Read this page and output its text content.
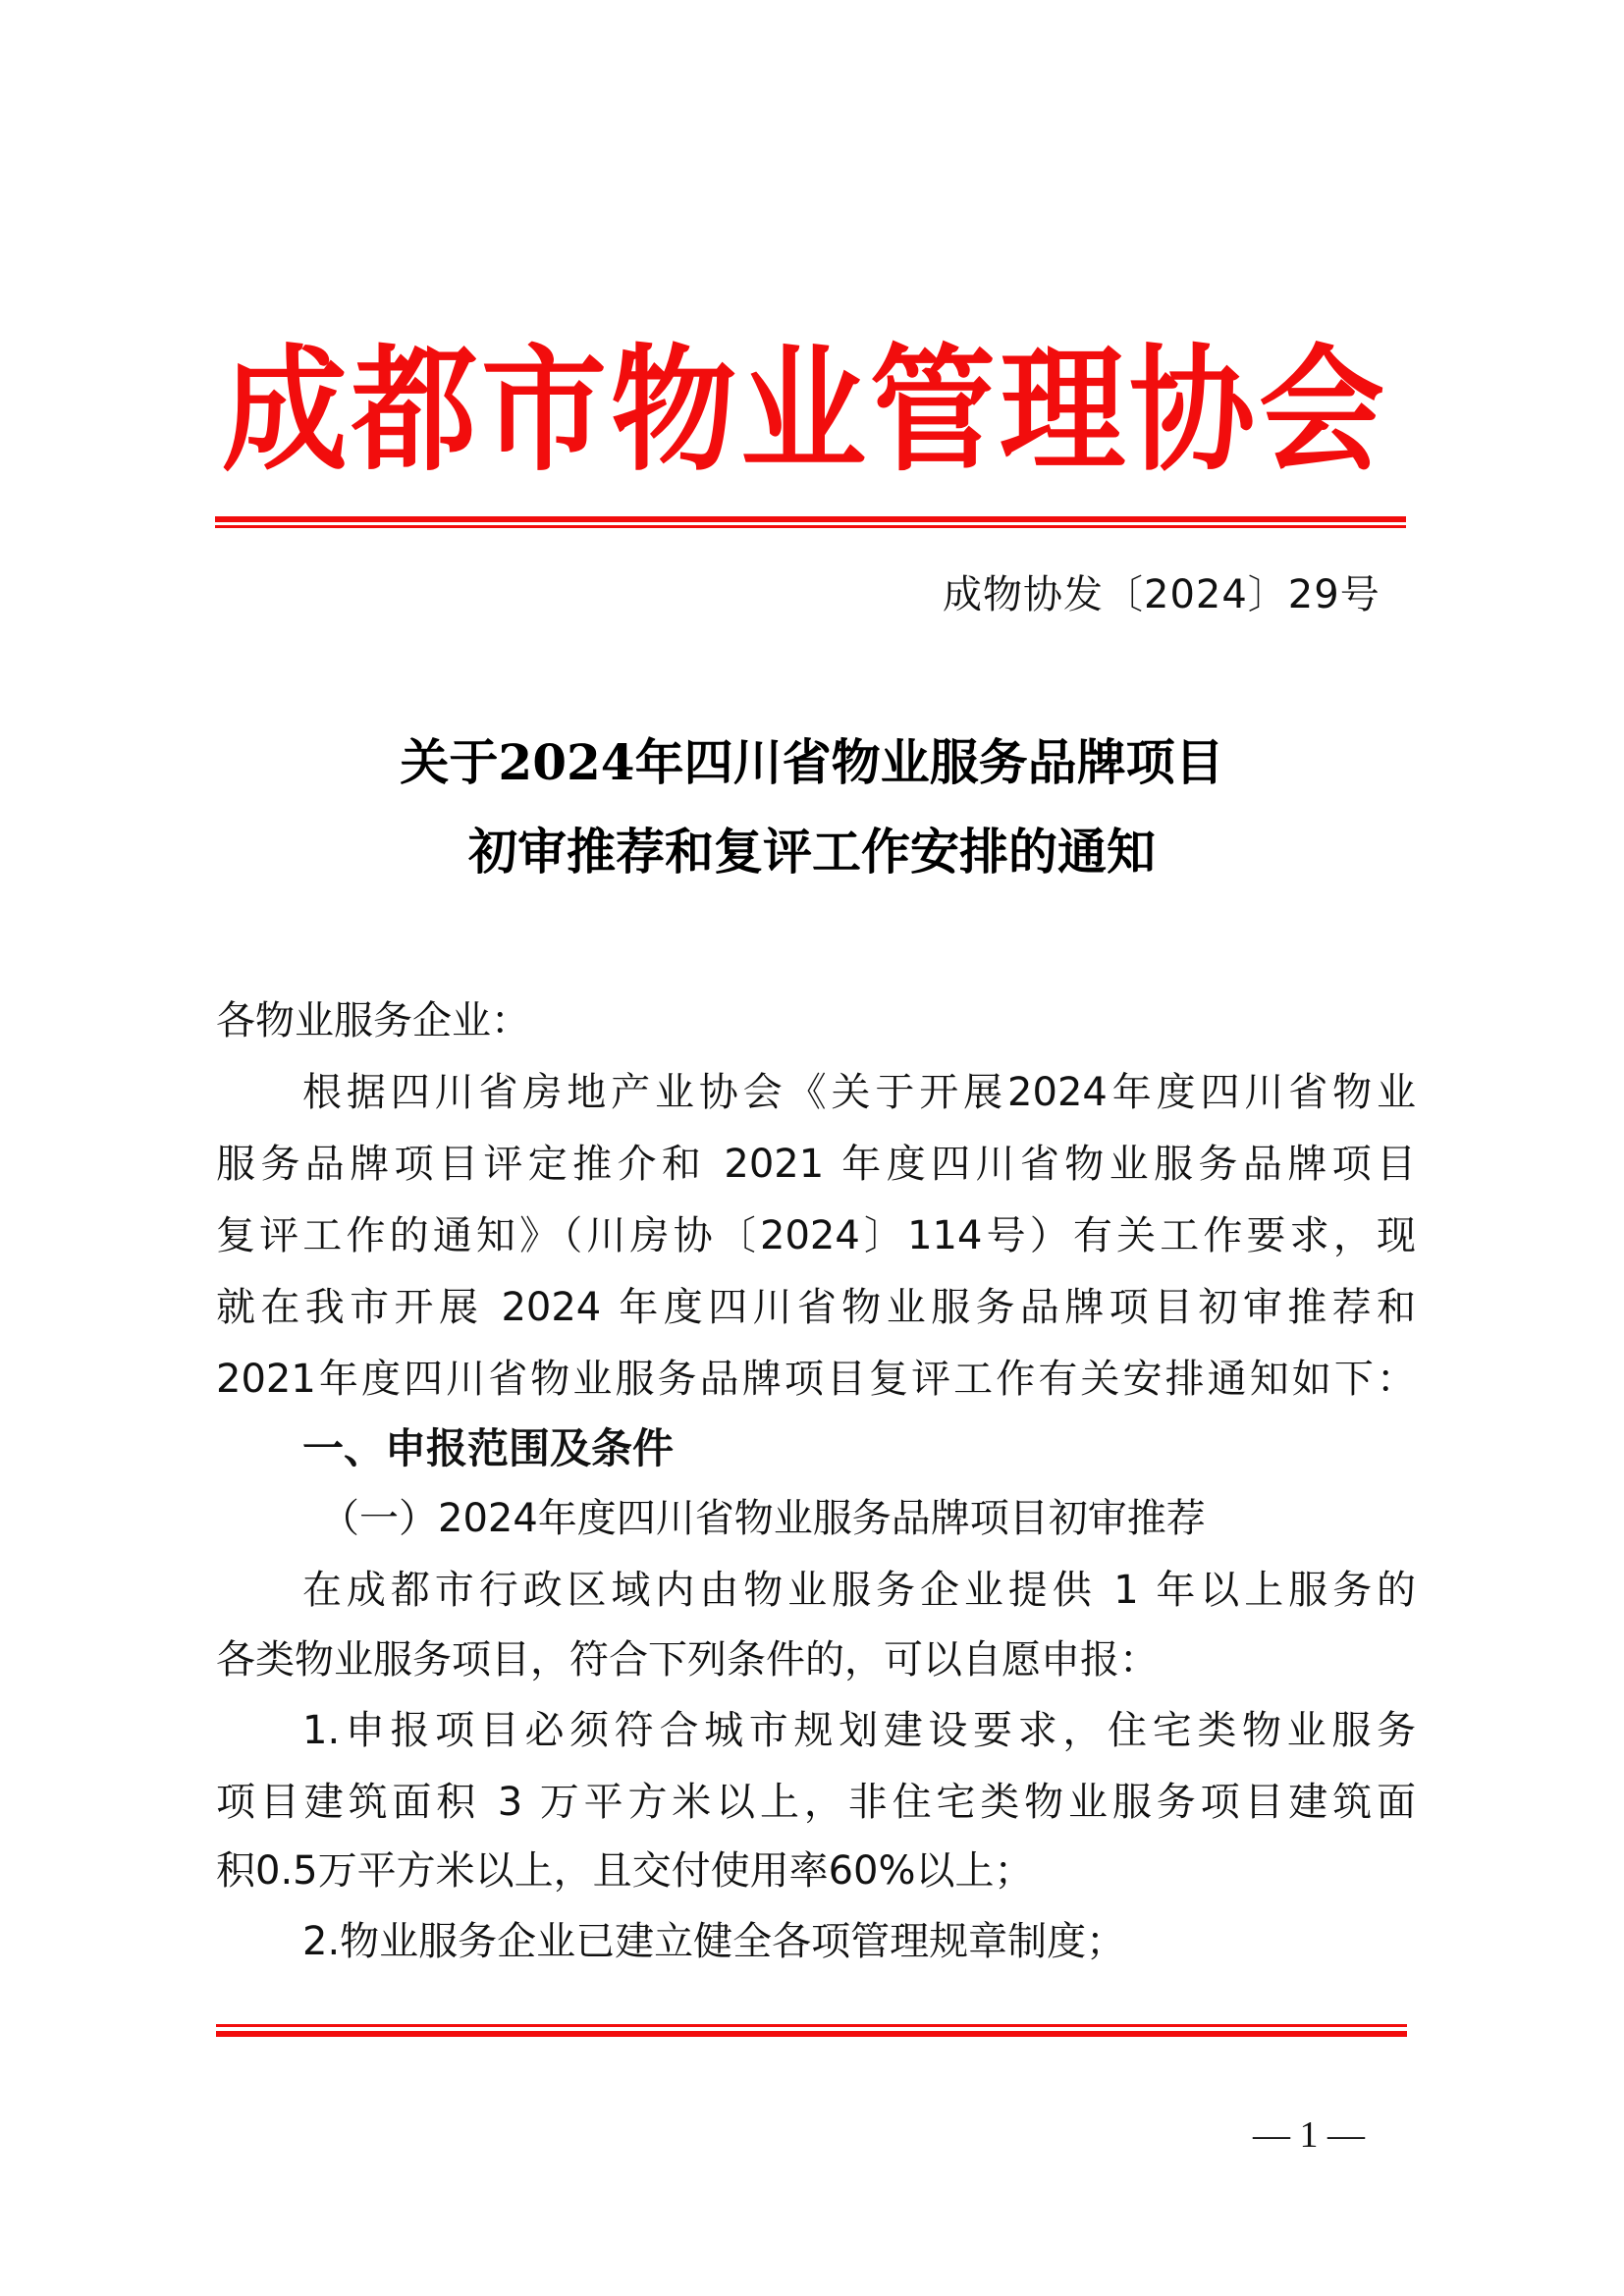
成都市物业管理协会
成物协发〔2024〕29号
关于2024年四川省物业服务品牌项目
初审推荐和复评工作安排的通知
各物业服务企业：
根据四川省房地产业协会《关于开展2024年度四川省物业
服务品牌项目评定推介和 2021 年度四川省物业服务品牌项目
复评工作的通知》（川房协〔2024〕114号）有关工作要求，现
就在我市开展 2024 年度四川省物业服务品牌项目初审推荐和
2021年度四川省物业服务品牌项目复评工作有关安排通知如下：
一、申报范围及条件
（一）2024年度四川省物业服务品牌项目初审推荐
在成都市行政区域内由物业服务企业提供 1 年以上服务的
各类物业服务项目，符合下列条件的，可以自愿申报：
1.申报项目必须符合城市规划建设要求，住宅类物业服务
项目建筑面积 3 万平方米以上，非住宅类物业服务项目建筑面
积0.5万平方米以上，且交付使用率60%以上；
2.物业服务企业已建立健全各项管理规章制度；
— 1 —
